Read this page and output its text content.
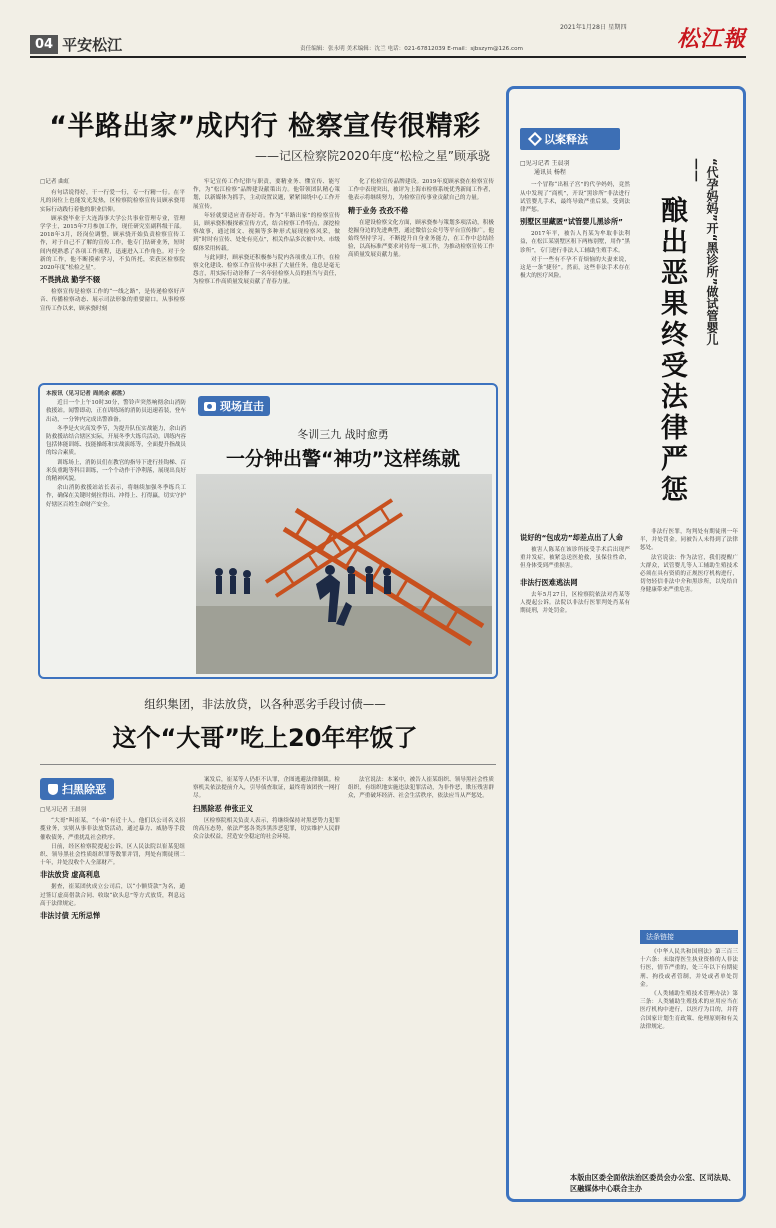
04 平安松江
2021年1月28日 星期四
责任编辑：张永明 美术编辑：沈兰 电话：021-67812039 E-mail：sjbszym@126.com	松江報
“半路出家”成内行 检察宣传很精彩
——记区检察院2020年度“松检之星”顾承骁

□记者 曲虹

有句话说得好，干一行爱一行，专一行精一行。在平凡的岗位上也能发光发热，区检察院检察宣传员顾承骁用实际行动践行着他的职业信仰。

顾承骁毕业于大连海事大学公共事业管理专业，管理学学士，2015年7月参加工作，现任研究室副科级干部。2018年3月，经岗位调整，顾承骁开始负责检察宣传工作，对于自己不了解的宣传工作，他专门钻研业务，短时间内便熟悉了各项工作流程，迅速进入工作角色。对于全新的工作，他不断摸索学习，不负所托，荣获区检察院2020年度“松检之星”。

不畏挑战 勤学不辍

检察宣传是检察工作的“一线之路”，是传递检察好声音、传播检察动态、展示司法形象的重要窗口。从事检察宣传工作以来，顾承骁时刻

牢记宣传工作纪律与职责，要精业务、懂宣传、能写作，为“松江检察”品牌建设献策出力。他带领团队精心策划，以新媒体为抓手，主动设置议题，紧紧围绕中心工作开展宣传。

年轻就要适应青春好奇。作为“半路出家”的检察宣传员，顾承骁积极探索宣传方式，结合检察工作特点，深挖检察故事，通过图文、视频等多种形式展现检察风采，做到“时时有宣传、处处有亮点”，相关作品多次被中央、市级媒体采用转载。

与此同时，顾承骁还积极参与院内各项重点工作，在检察文化建设、检察工作宣传中承担了大量任务，他总是毫无怨言，用实际行动诠释了一名年轻检察人员的担当与责任，为检察工作高质量发展贡献了青春力量。

化了松检宣传品牌建设。2019年度顾承骁在检察宣传工作中表现突出，被评为上海市检察系统优秀新闻工作者，他表示将继续努力，为检察宣传事业贡献自己的力量。

精于业务 孜孜不倦

在建设检察文化方面，顾承骁参与策划多项活动，积极挖掘身边的先进典型，通过微信公众号等平台宣传推广。他始终坚持学习，不断提升自身业务能力，在工作中总结经验，以高标准严要求对待每一项工作，为推动检察宣传工作高质量发展贡献力量。

本报讯（见习记者 周尚余 郝胜）

近日一个上午10时30分，警铃声突然响彻余山消防救援站。闻警即动，正在训练场的消防员迅速着装，登车出动，一分钟内完成出警准备。

冬季是火灾高发季节，为提升队伍实战能力，余山消防救援站结合辖区实际，开展冬季大练兵活动。训练内容包括体能训练、技能操练和实战演练等，全面提升指战员的综合素质。

训练场上，消防员们在教官的指导下进行挂钩梯、百米负重跑等科目训练，一个个动作干净利落，展现出良好的精神风貌。

余山消防救援站站长表示，将继续加强冬季练兵工作，确保在关键时刻拉得出、冲得上、打得赢，切实守护好辖区百姓生命财产安全。

现场直击
冬训三九 战时愈勇
一分钟出警“神功”这样练就
组织集团，非法放贷，以各种恶劣手段讨债——
这个“大哥”吃上20年牢饭了
扫黑除恶

□见习记者 王晨羽

“大哥”叫崔某，“小弟”有近十人。他们以公司名义招揽业务，实则从事非法放贷活动，通过暴力、威胁等手段催收债务，严重扰乱社会秩序。

日前，经区检察院提起公诉，区人民法院以崔某犯组织、领导黑社会性质组织罪等数罪并罚，判处有期徒刑二十年，并处没收个人全部财产。

非法放贷 虚高利息

据查，崔某团伙成立公司后，以“小额贷款”为名，通过签订虚高借款合同、收取“砍头息”等方式放贷，利息远高于法律规定。

非法讨债 无所忌惮

案发后，崔某等人仍拒不认罪，企图逃避法律制裁。检察机关依法提前介入，引导侦查取证，最终将该团伙一网打尽。

扫黑除恶 伸张正义

区检察院相关负责人表示，将继续保持对黑恶势力犯罪的高压态势，依法严惩各类涉黑涉恶犯罪，切实维护人民群众合法权益，营造安全稳定的社会环境。

法官说法：本案中，被告人崔某组织、领导黑社会性质组织，有组织地实施违法犯罪活动，为非作恶，欺压残害群众，严重破坏经济、社会生活秩序，依法应当从严惩处。

以案释法

□见习记者 王晨羽

通讯员 杨程

一个冒称“出租子宫”的代孕妈妈，竟然从中发现了“商机”，开设“黑诊所”非法进行试管婴儿手术，最终导致严重后果，受到法律严惩。

别墅区里藏匿“试管婴儿黑诊所”

2017年平，被告人肖某为牟取非法利益，在松江某别墅区租下两栋别墅，用作“黑诊所”，专门进行非法人工辅助生殖手术。

对于一些有不孕不育烦恼的夫妻来说，这是一条“捷径”。然而，这些非法手术存在极大的医疗风险。	“代孕妈妈”开“黑诊所”做试管婴儿——
酿出恶果终受法律严惩

说好的“包成功”却差点出了人命

被害人陈某在该诊所接受手术后出现严重并发症，被紧急送医抢救，虽保住性命，但身体受到严重损害。

非法行医难逃法网

去年5月27日，区检察院依法对肖某等人提起公诉。法院以非法行医罪判处肖某有期徒刑，并处罚金。

非法行医罪，均判处有期徒刑一年半，并处罚金。同被告人未得到了法律惩处。

法官说法：作为法官，我们提醒广大群众，试管婴儿等人工辅助生殖技术必须在具有资质的正规医疗机构进行，切勿轻信非法中介和黑诊所，以免给自身健康带来严重危害。

法条链接

《中华人民共和国刑法》第三百三十六条：未取得医生执业资格的人非法行医，情节严重的，处三年以下有期徒刑、拘役或者管制，并处或者单处罚金。

《人类辅助生殖技术管理办法》第三条：人类辅助生殖技术的应用应当在医疗机构中进行，以医疗为目的，并符合国家计划生育政策、伦理原则和有关法律规定。

本版由区委全面依法治区委员会办公室、区司法局、区融媒体中心联合主办
